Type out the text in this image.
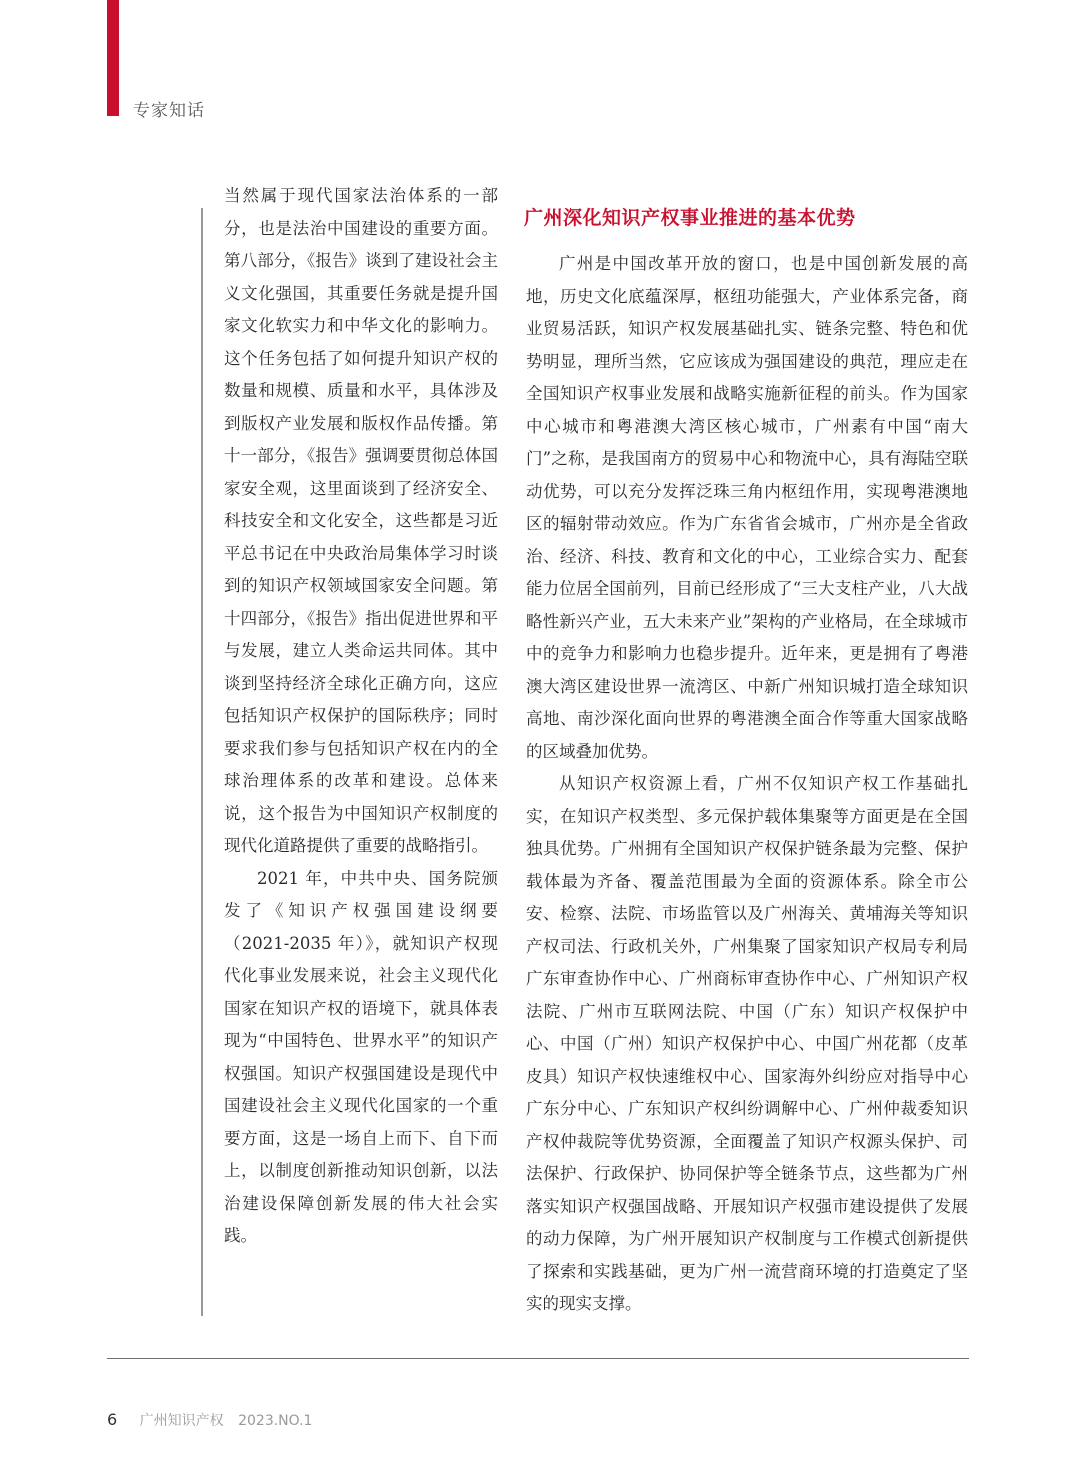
专家知话

当然属于现代国家法治体系的一部分，也是法治中国建设的重要方面。第八部分，《报告》谈到了建设社会主义文化强国，其重要任务就是提升国家文化软实力和中华文化的影响力。这个任务包括了如何提升知识产权的数量和规模、质量和水平，具体涉及到版权产业发展和版权作品传播。第十一部分，《报告》强调要贯彻总体国家安全观，这里面谈到了经济安全、科技安全和文化安全，这些都是习近平总书记在中央政治局集体学习时谈到的知识产权领域国家安全问题。第十四部分，《报告》指出促进世界和平与发展，建立人类命运共同体。其中谈到坚持经济全球化正确方向，这应包括知识产权保护的国际秩序；同时要求我们参与包括知识产权在内的全球治理体系的改革和建设。总体来说，这个报告为中国知识产权制度的现代化道路提供了重要的战略指引。

2021 年，中共中央、国务院颁发了《知识产权强国建设纲要（2021-2035 年）》，就知识产权现代化事业发展来说，社会主义现代化国家在知识产权的语境下，就具体表现为“中国特色、世界水平”的知识产权强国。知识产权强国建设是现代中国建设社会主义现代化国家的一个重要方面，这是一场自上而下、自下而上，以制度创新推动知识创新，以法治建设保障创新发展的伟大社会实践。

广州深化知识产权事业推进的基本优势

广州是中国改革开放的窗口，也是中国创新发展的高地，历史文化底蕴深厚，枢纽功能强大，产业体系完备，商业贸易活跃，知识产权发展基础扎实、链条完整、特色和优势明显，理所当然，它应该成为强国建设的典范，理应走在全国知识产权事业发展和战略实施新征程的前头。作为国家中心城市和粤港澳大湾区核心城市，广州素有中国“南大门”之称，是我国南方的贸易中心和物流中心，具有海陆空联动优势，可以充分发挥泛珠三角内枢纽作用，实现粤港澳地区的辐射带动效应。作为广东省省会城市，广州亦是全省政治、经济、科技、教育和文化的中心，工业综合实力、配套能力位居全国前列，目前已经形成了“三大支柱产业，八大战略性新兴产业，五大未来产业”架构的产业格局，在全球城市中的竞争力和影响力也稳步提升。近年来，更是拥有了粤港澳大湾区建设世界一流湾区、中新广州知识城打造全球知识高地、南沙深化面向世界的粤港澳全面合作等重大国家战略的区域叠加优势。

从知识产权资源上看，广州不仅知识产权工作基础扎实，在知识产权类型、多元保护载体集聚等方面更是在全国独具优势。广州拥有全国知识产权保护链条最为完整、保护载体最为齐备、覆盖范围最为全面的资源体系。除全市公安、检察、法院、市场监管以及广州海关、黄埔海关等知识产权司法、行政机关外，广州集聚了国家知识产权局专利局广东审查协作中心、广州商标审查协作中心、广州知识产权法院、广州市互联网法院、中国（广东）知识产权保护中心、中国（广州）知识产权保护中心、中国广州花都（皮革皮具）知识产权快速维权中心、国家海外纠纷应对指导中心广东分中心、广东知识产权纠纷调解中心、广州仲裁委知识产权仲裁院等优势资源，全面覆盖了知识产权源头保护、司法保护、行政保护、协同保护等全链条节点，这些都为广州落实知识产权强国战略、开展知识产权强市建设提供了发展的动力保障，为广州开展知识产权制度与工作模式创新提供了探索和实践基础，更为广州一流营商环境的打造奠定了坚实的现实支撑。

6 广州知识产权 2023.NO.1
